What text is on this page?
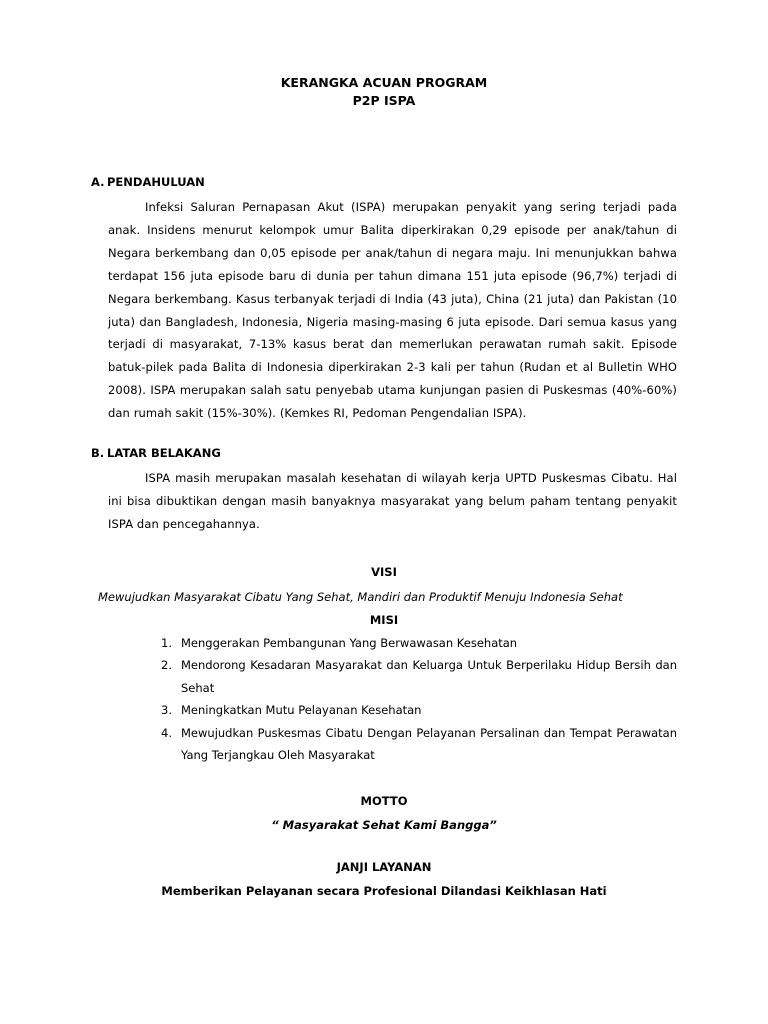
KERANGKA ACUAN PROGRAM
P2P ISPA
A. PENDAHULUAN

Infeksi Saluran Pernapasan Akut (ISPA) merupakan penyakit yang sering terjadi pada anak. Insidens menurut kelompok umur Balita diperkirakan 0,29 episode per anak/tahun di Negara berkembang dan 0,05 episode per anak/tahun di negara maju. Ini menunjukkan bahwa terdapat 156 juta episode baru di dunia per tahun dimana 151 juta episode (96,7%) terjadi di Negara berkembang. Kasus terbanyak terjadi di India (43 juta), China (21 juta) dan Pakistan (10 juta) dan Bangladesh, Indonesia, Nigeria masing-masing 6 juta episode. Dari semua kasus yang terjadi di masyarakat, 7-13% kasus berat dan memerlukan perawatan rumah sakit. Episode batuk-pilek pada Balita di Indonesia diperkirakan 2-3 kali per tahun (Rudan et al Bulletin WHO 2008). ISPA merupakan salah satu penyebab utama kunjungan pasien di Puskesmas (40%-60%) dan rumah sakit (15%-30%). (Kemkes RI, Pedoman Pengendalian ISPA).

B. LATAR BELAKANG

ISPA masih merupakan masalah kesehatan di wilayah kerja UPTD Puskesmas Cibatu. Hal ini bisa dibuktikan dengan masih banyaknya masyarakat yang belum paham tentang penyakit ISPA dan pencegahannya.

VISI
Mewujudkan Masyarakat Cibatu Yang Sehat, Mandiri dan Produktif Menuju Indonesia Sehat
MISI
1. Menggerakan Pembangunan Yang Berwawasan Kesehatan
2. Mendorong Kesadaran Masyarakat dan Keluarga Untuk Berperilaku Hidup Bersih dan Sehat
3. Meningkatkan Mutu Pelayanan Kesehatan
4. Mewujudkan Puskesmas Cibatu Dengan Pelayanan Persalinan dan Tempat Perawatan Yang Terjangkau Oleh Masyarakat
MOTTO
“ Masyarakat Sehat Kami Bangga”
JANJI LAYANAN
Memberikan Pelayanan secara Profesional Dilandasi Keikhlasan Hati
